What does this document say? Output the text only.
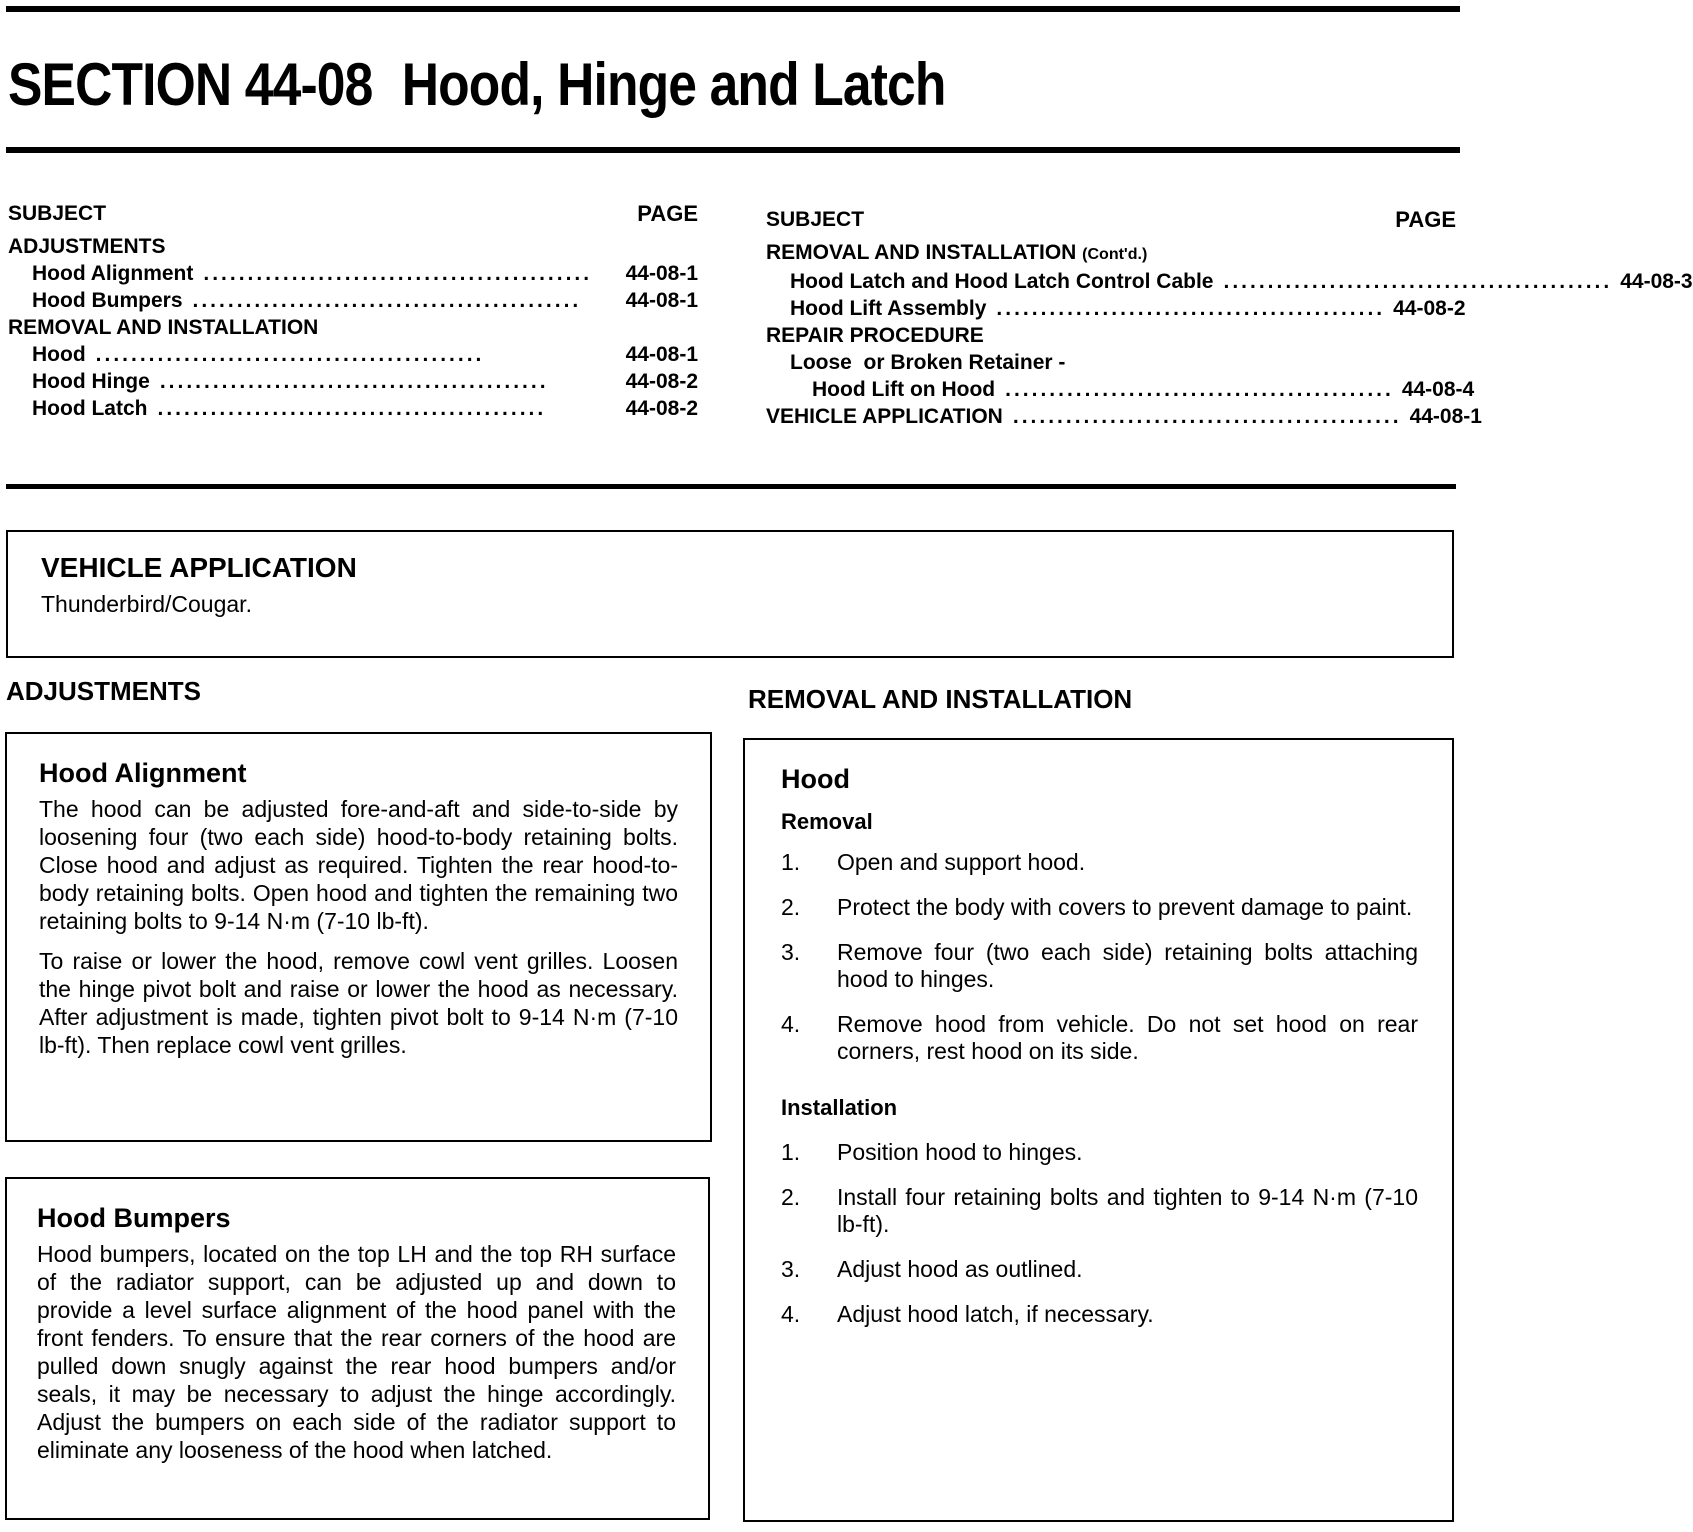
SECTION 44-08 Hood, Hinge and Latch
SUBJECT	PAGE
ADJUSTMENTS
Hood Alignment ............................................	44-08-1
Hood Bumpers ............................................	44-08-1
REMOVAL AND INSTALLATION
Hood ............................................	44-08-1
Hood Hinge ............................................	44-08-2
Hood Latch ............................................	44-08-2
SUBJECT	PAGE
REMOVAL AND INSTALLATION (Cont'd.)
Hood Latch and Hood Latch Control Cable ............................................ 44-08-3
Hood Lift Assembly ............................................ 44-08-2
REPAIR PROCEDURE
Loose  or Broken Retainer -
Hood Lift on Hood ............................................ 44-08-4
VEHICLE APPLICATION ............................................ 44-08-1
VEHICLE APPLICATION

Thunderbird/Cougar.

ADJUSTMENTS	REMOVAL AND INSTALLATION
Hood Alignment

The hood can be adjusted fore-and-aft and side-to-side by loosening four (two each side) hood-to-body retaining bolts. Close hood and adjust as required. Tighten the rear hood-to-body retaining bolts. Open hood and tighten the remaining two retaining bolts to 9-14 N·m (7-10 lb-ft).

To raise or lower the hood, remove cowl vent grilles. Loosen the hinge pivot bolt and raise or lower the hood as necessary. After adjustment is made, tighten pivot bolt to 9-14 N·m (7-10 lb-ft). Then replace cowl vent grilles.

Hood Bumpers

Hood bumpers, located on the top LH and the top RH surface of the radiator support, can be adjusted up and down to provide a level surface alignment of the hood panel with the front fenders. To ensure that the rear corners of the hood are pulled down snugly against the rear hood bumpers and/or seals, it may be necessary to adjust the hinge accordingly. Adjust the bumpers on each side of the radiator support to eliminate any looseness of the hood when latched.

Hood
Removal
1.	Open and support hood.
2.	Protect the body with covers to prevent damage to paint.
3.	Remove four (two each side) retaining bolts attaching hood to hinges.
4.	Remove hood from vehicle. Do not set hood on rear corners, rest hood on its side.
Installation
1.	Position hood to hinges.
2.	Install four retaining bolts and tighten to 9-14 N·m (7-10 lb-ft).
3.	Adjust hood as outlined.
4.	Adjust hood latch, if necessary.
